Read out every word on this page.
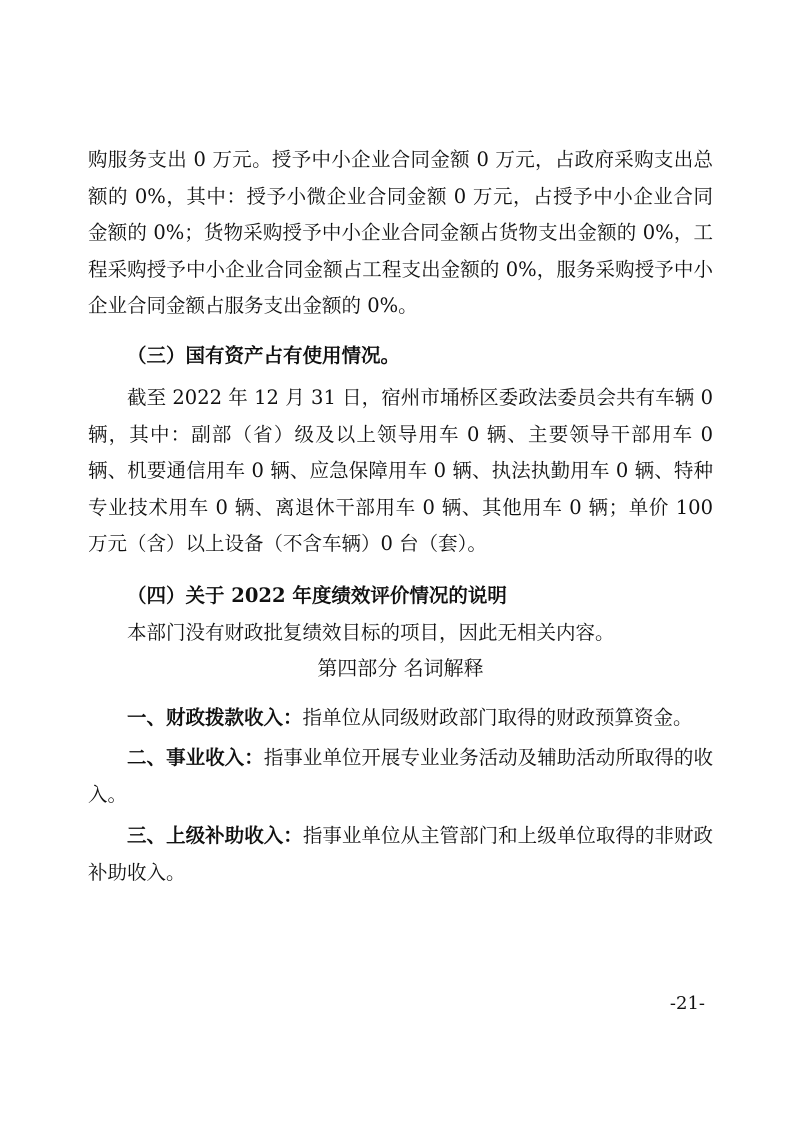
购服务支出 0 万元。授予中小企业合同金额 0 万元，占政府采购支出总额的 0%，其中：授予小微企业合同金额 0 万元，占授予中小企业合同金额的 0%；货物采购授予中小企业合同金额占货物支出金额的 0%，工程采购授予中小企业合同金额占工程支出金额的 0%，服务采购授予中小企业合同金额占服务支出金额的 0%。

（三）国有资产占有使用情况。

截至 2022 年 12 月 31 日，宿州市埇桥区委政法委员会共有车辆 0 辆，其中：副部（省）级及以上领导用车 0 辆、主要领导干部用车 0 辆、机要通信用车 0 辆、应急保障用车 0 辆、执法执勤用车 0 辆、特种专业技术用车 0 辆、离退休干部用车 0 辆、其他用车 0 辆；单价 100 万元（含）以上设备（不含车辆）0 台（套）。

（四）关于 2022 年度绩效评价情况的说明

本部门没有财政批复绩效目标的项目，因此无相关内容。

第四部分 名词解释

一、财政拨款收入：指单位从同级财政部门取得的财政预算资金。

二、事业收入：指事业单位开展专业业务活动及辅助活动所取得的收入。

三、上级补助收入：指事业单位从主管部门和上级单位取得的非财政补助收入。

-21-
